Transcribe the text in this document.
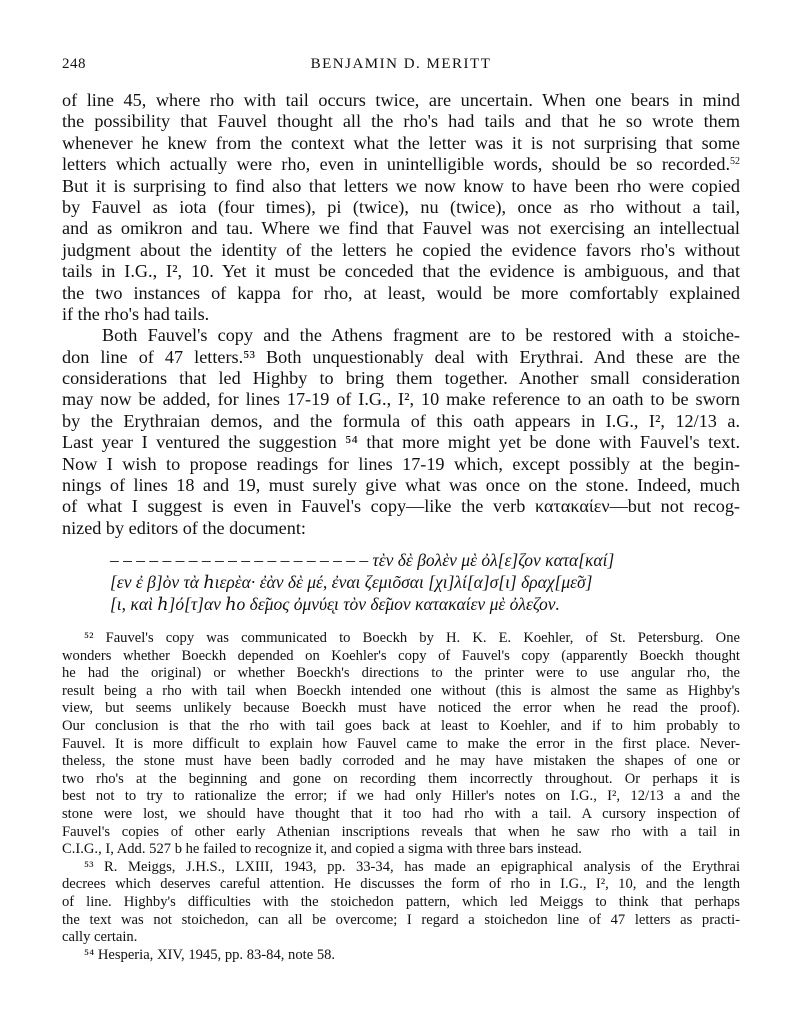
248	BENJAMIN D. MERITT
of line 45, where rho with tail occurs twice, are uncertain. When one bears in mind
the possibility that Fauvel thought all the rho's had tails and that he so wrote them
whenever he knew from the context what the letter was it is not surprising that some
letters which actually were rho, even in unintelligible words, should be so recorded.$^{52}$
But it is surprising to find also that letters we now know to have been rho were copied
by Fauvel as iota (four times), pi (twice), nu (twice), once as rho without a tail,
and as omikron and tau. Where we find that Fauvel was not exercising an intellectual
judgment about the identity of the letters he copied the evidence favors rho's without
tails in I.G., I², 10. Yet it must be conceded that the evidence is ambiguous, and that
the two instances of kappa for rho, at least, would be more comfortably explained
if the rho's had tails.
Both Fauvel's copy and the Athens fragment are to be restored with a stoiche-
don line of 47 letters.⁵³ Both unquestionably deal with Erythrai. And these are the
considerations that led Highby to bring them together. Another small consideration
may now be added, for lines 17-19 of I.G., I², 10 make reference to an oath to be sworn
by the Erythraian demos, and the formula of this oath appears in I.G., I², 12/13 a.
Last year I ventured the suggestion ⁵⁴ that more might yet be done with Fauvel's text.
Now I wish to propose readings for lines 17-19 which, except possibly at the begin-
nings of lines 18 and 19, must surely give what was once on the stone. Indeed, much
of what I suggest is even in Fauvel's copy—like the verb κατακαίεν—but not recog-
nized by editors of the document:
– – – – – – – – – – – – – – – – – – – – τὲν δὲ βολὲν μὲ ὀλ[ε]ζον κατα[καί]
[εν ἐ β]ὸν τὰ ℎιερὲα· ἐὰν δὲ μέ, ἐναι ζεμιõσαι [χι]λί[α]σ[ι] δραχ[με̃σ]
[ι, καὶ ℎ]ό[τ]αν ℎο δε̃μος ὀμνύε̨ι τὸν δε̃μον κατακαίεν μὲ ὀλεζον.
⁵² Fauvel's copy was communicated to Boeckh by H. K. E. Koehler, of St. Petersburg. One
wonders whether Boeckh depended on Koehler's copy of Fauvel's copy (apparently Boeckh thought
he had the original) or whether Boeckh's directions to the printer were to use angular rho, the
result being a rho with tail when Boeckh intended one without (this is almost the same as Highby's
view, but seems unlikely because Boeckh must have noticed the error when he read the proof).
Our conclusion is that the rho with tail goes back at least to Koehler, and if to him probably to
Fauvel. It is more difficult to explain how Fauvel came to make the error in the first place. Never-
theless, the stone must have been badly corroded and he may have mistaken the shapes of one or
two rho's at the beginning and gone on recording them incorrectly throughout. Or perhaps it is
best not to try to rationalize the error; if we had only Hiller's notes on I.G., I², 12/13 a and the
stone were lost, we should have thought that it too had rho with a tail. A cursory inspection of
Fauvel's copies of other early Athenian inscriptions reveals that when he saw rho with a tail in
C.I.G., I, Add. 527 b he failed to recognize it, and copied a sigma with three bars instead.
⁵³ R. Meiggs, J.H.S., LXIII, 1943, pp. 33-34, has made an epigraphical analysis of the Erythrai
decrees which deserves careful attention. He discusses the form of rho in I.G., I², 10, and the length
of line. Highby's difficulties with the stoichedon pattern, which led Meiggs to think that perhaps
the text was not stoichedon, can all be overcome; I regard a stoichedon line of 47 letters as practi-
cally certain.
⁵⁴ Hesperia, XIV, 1945, pp. 83-84, note 58.
